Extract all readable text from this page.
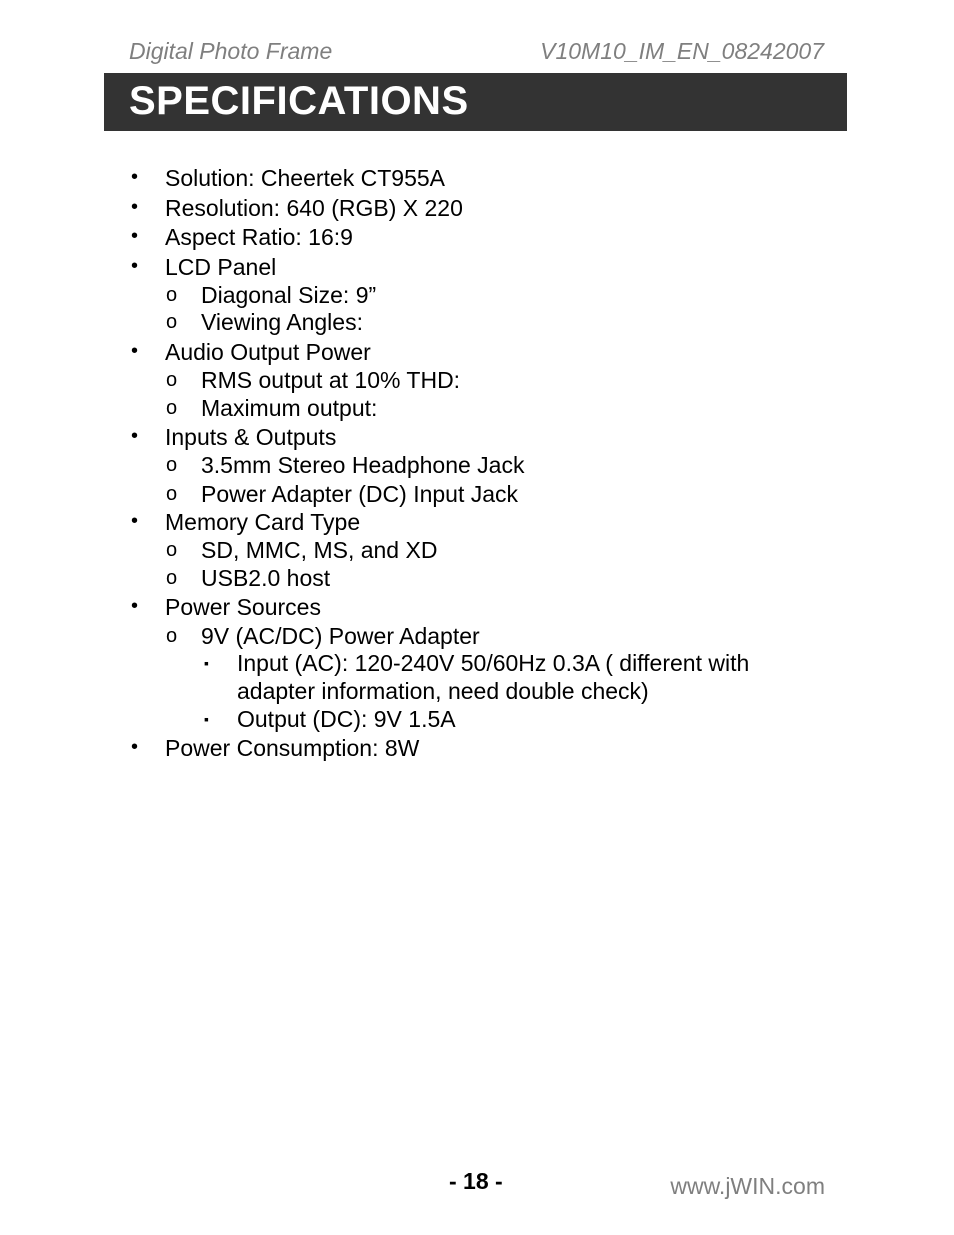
Digital Photo Frame	V10M10_IM_EN_08242007
SPECIFICATIONS
• Solution: Cheertek CT955A
• Resolution: 640 (RGB) X 220
• Aspect Ratio: 16:9
• LCD Panel
o Diagonal Size: 9”
o Viewing Angles:
• Audio Output Power
o RMS output at 10% THD:
o Maximum output:
• Inputs & Outputs
o 3.5mm Stereo Headphone Jack
o Power Adapter (DC) Input Jack
• Memory Card Type
o SD, MMC, MS, and XD
o USB2.0 host
• Power Sources
o 9V (AC/DC) Power Adapter
▪ Input (AC): 120-240V 50/60Hz 0.3A ( different with
adapter information, need double check)
▪ Output (DC): 9V 1.5A
• Power Consumption: 8W
- 18 -	www.jWIN.com
